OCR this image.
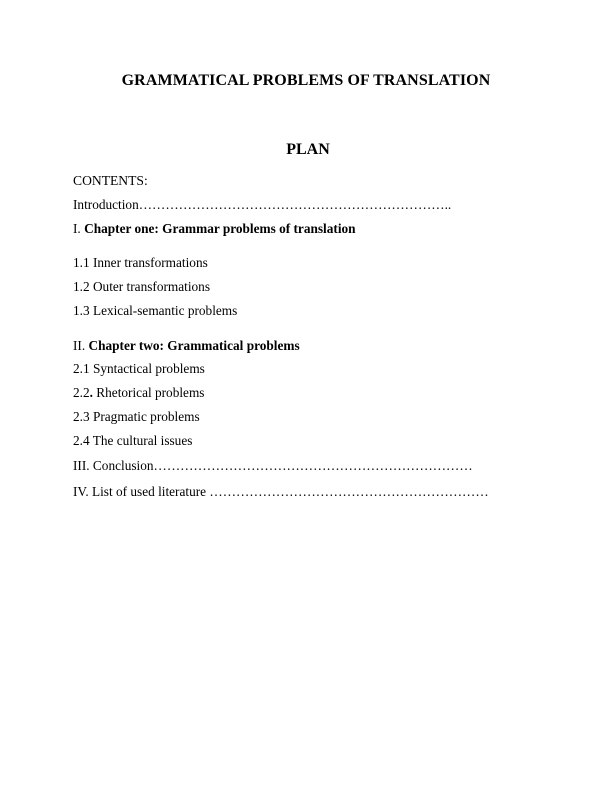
GRAMMATICAL PROBLEMS OF TRANSLATION
PLAN
CONTENTS:
Introduction……………………………………………………………..
I. Chapter one: Grammar problems of translation
1.1 Inner transformations
1.2 Outer transformations
1.3 Lexical-semantic problems
II. Chapter two: Grammatical problems
2.1 Syntactical problems
2.2. Rhetorical problems
2.3 Pragmatic problems
2.4 The cultural issues
III. Conclusion………………………………………………………………
IV. List of used literature ………………………………………………………
